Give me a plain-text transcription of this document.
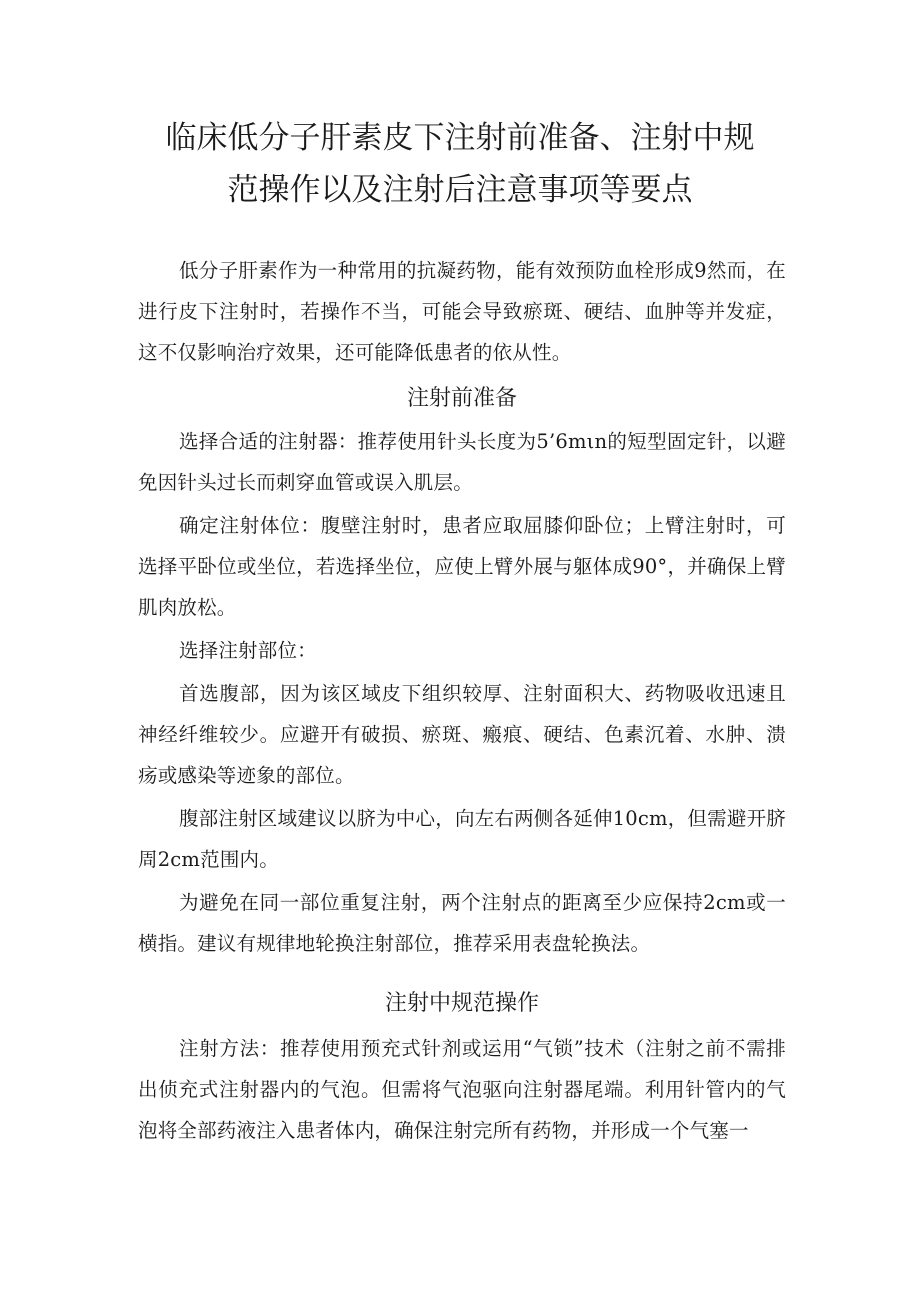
临床低分子肝素皮下注射前准备、注射中规
范操作以及注射后注意事项等要点

低分子肝素作为一种常用的抗凝药物，能有效预防血栓形成9然而，在进行皮下注射时，若操作不当，可能会导致瘀斑、硬结、血肿等并发症，这不仅影响治疗效果，还可能降低患者的依从性。

注射前准备

选择合适的注射器：推荐使用针头长度为5’6mιn的短型固定针，以避免因针头过长而刺穿血管或误入肌层。

确定注射体位：腹壁注射时，患者应取屈膝仰卧位；上臂注射时，可选择平卧位或坐位，若选择坐位，应使上臂外展与躯体成90°，并确保上臂肌肉放松。

选择注射部位：

首选腹部，因为该区域皮下组织较厚、注射面积大、药物吸收迅速且神经纤维较少。应避开有破损、瘀斑、瘢痕、硬结、色素沉着、水肿、溃疡或感染等迹象的部位。

腹部注射区域建议以脐为中心，向左右两侧各延伸10cm，但需避开脐周2cm范围内。

为避免在同一部位重复注射，两个注射点的距离至少应保持2cm或一横指。建议有规律地轮换注射部位，推荐采用表盘轮换法。

注射中规范操作

注射方法：推荐使用预充式针剂或运用“气锁”技术（注射之前不需排出侦充式注射器内的气泡。但需将气泡驱向注射器尾端。利用针管内的气泡将全部药液注入患者体内，确保注射完所有药物，并形成一个气塞一
